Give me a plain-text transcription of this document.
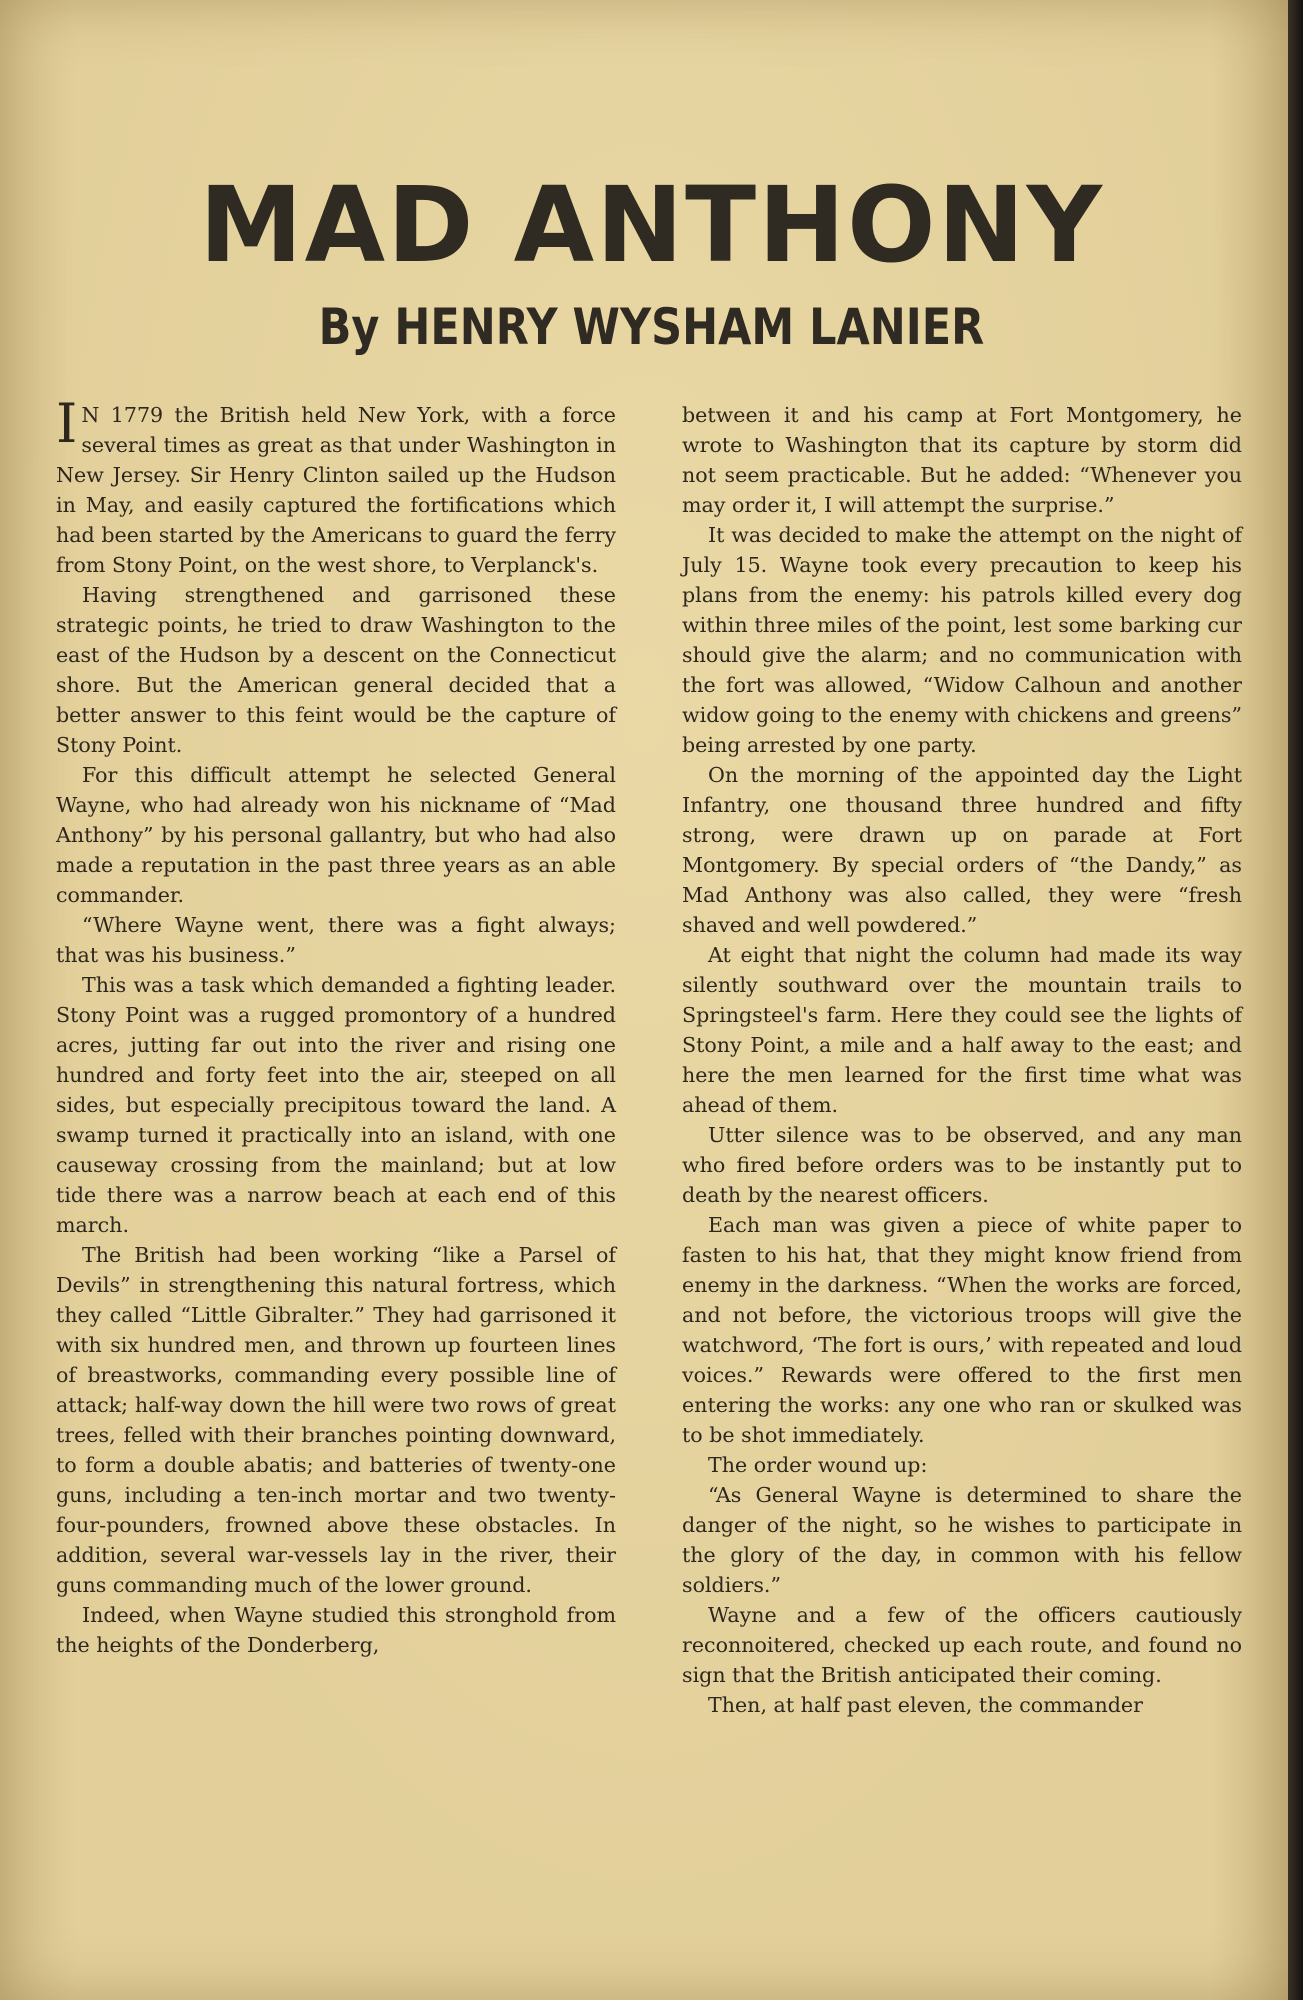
MAD ANTHONY
By HENRY WYSHAM LANIER

I N 1779 the British held New York, with a force several times as great as that under Washington in New Jersey. Sir Henry Clinton sailed up the Hudson in May, and easily captured the fortifications which had been started by the Americans to guard the ferry from Stony Point, on the west shore, to Verplanck's.

Having strengthened and garrisoned these strategic points, he tried to draw Washington to the east of the Hudson by a descent on the Connecticut shore. But the American general decided that a better answer to this feint would be the capture of Stony Point.

For this difficult attempt he selected General Wayne, who had already won his nickname of “Mad Anthony” by his personal gallantry, but who had also made a reputation in the past three years as an able commander.

“Where Wayne went, there was a fight always; that was his business.”

This was a task which demanded a fighting leader. Stony Point was a rugged promontory of a hundred acres, jutting far out into the river and rising one hundred and forty feet into the air, steeped on all sides, but especially precipitous toward the land. A swamp turned it practically into an island, with one causeway crossing from the mainland; but at low tide there was a narrow beach at each end of this march.

The British had been working “like a Parsel of Devils” in strengthening this natural fortress, which they called “Little Gibralter.” They had garrisoned it with six hundred men, and thrown up fourteen lines of breastworks, commanding every possible line of attack; half-way down the hill were two rows of great trees, felled with their branches pointing downward, to form a double abatis; and batteries of twenty-one guns, including a ten-inch mortar and two twenty-four-pounders, frowned above these obstacles. In addition, several war-vessels lay in the river, their guns commanding much of the lower ground.

Indeed, when Wayne studied this stronghold from the heights of the Donderberg,

between it and his camp at Fort Montgomery, he wrote to Washington that its capture by storm did not seem practicable. But he added: “Whenever you may order it, I will attempt the surprise.”

It was decided to make the attempt on the night of July 15. Wayne took every precaution to keep his plans from the enemy: his patrols killed every dog within three miles of the point, lest some barking cur should give the alarm; and no communication with the fort was allowed, “Widow Calhoun and another widow going to the enemy with chickens and greens” being arrested by one party.

On the morning of the appointed day the Light Infantry, one thousand three hundred and fifty strong, were drawn up on parade at Fort Montgomery. By special orders of “the Dandy,” as Mad Anthony was also called, they were “fresh shaved and well powdered.”

At eight that night the column had made its way silently southward over the mountain trails to Springsteel's farm. Here they could see the lights of Stony Point, a mile and a half away to the east; and here the men learned for the first time what was ahead of them.

Utter silence was to be observed, and any man who fired before orders was to be instantly put to death by the nearest officers.

Each man was given a piece of white paper to fasten to his hat, that they might know friend from enemy in the darkness. “When the works are forced, and not before, the victorious troops will give the watchword, ‘The fort is ours,’ with repeated and loud voices.” Rewards were offered to the first men entering the works: any one who ran or skulked was to be shot immediately.

The order wound up:

“As General Wayne is determined to share the danger of the night, so he wishes to participate in the glory of the day, in common with his fellow soldiers.”

Wayne and a few of the officers cautiously reconnoitered, checked up each route, and found no sign that the British anticipated their coming.

Then, at half past eleven, the commander
